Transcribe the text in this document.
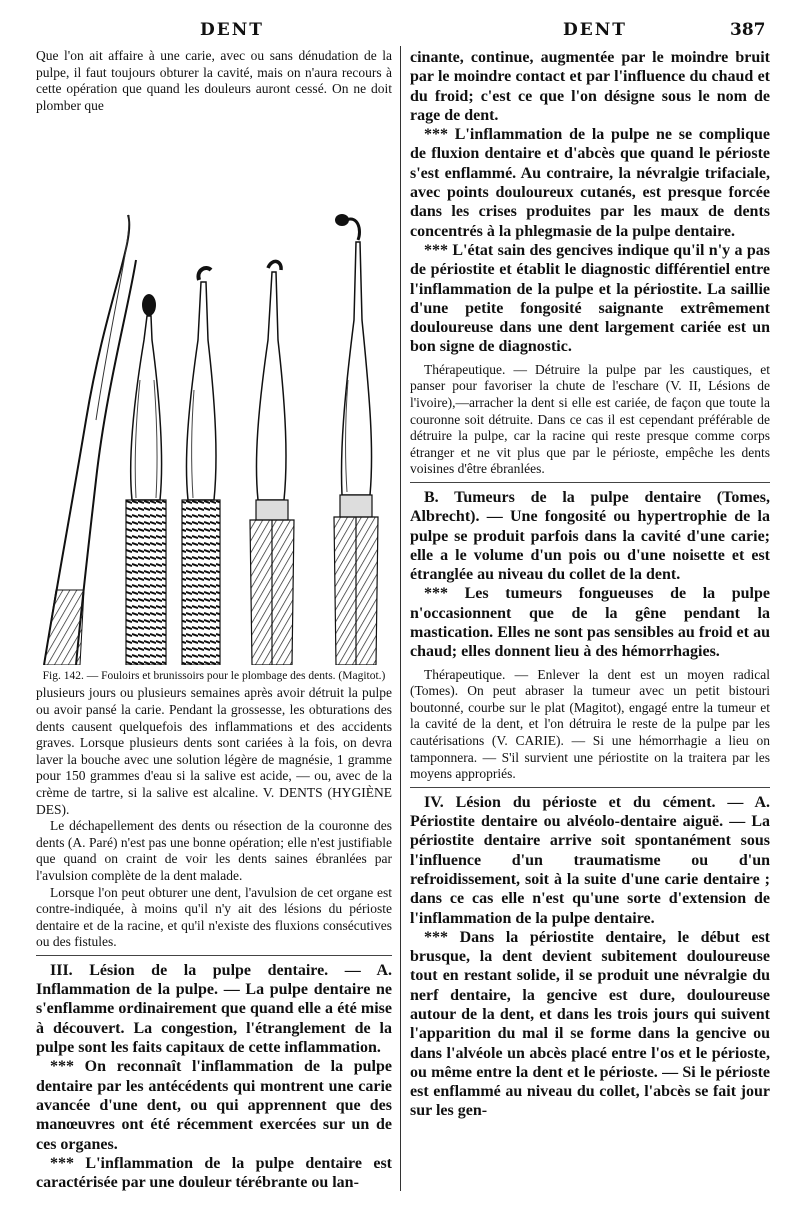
DENT	DENT	387

Que l'on ait affaire à une carie, avec ou sans dénudation de la pulpe, il faut toujours obturer la cavité, mais on n'aura recours à cette opération que quand les douleurs auront cessé. On ne doit plomber que

Fig. 142. — Fouloirs et brunissoirs pour le plombage des dents. (Magitot.)

plusieurs jours ou plusieurs semaines après avoir détruit la pulpe ou avoir pansé la carie. Pendant la grossesse, les obturations des dents causent quelquefois des inflammations et des accidents graves. Lorsque plusieurs dents sont cariées à la fois, on devra laver la bouche avec une solution légère de magnésie, 1 gramme pour 150 grammes d'eau si la salive est acide, — ou, avec de la crème de tartre, si la salive est alcaline. V. DENTS (HYGIÈNE DES).

Le déchapellement des dents ou résection de la couronne des dents (A. Paré) n'est pas une bonne opération; elle n'est justifiable que quand on craint de voir les dents saines ébranlées par l'avulsion complète de la dent malade.

Lorsque l'on peut obturer une dent, l'avulsion de cet organe est contre-indiquée, à moins qu'il n'y ait des lésions du périoste dentaire et de la racine, et qu'il n'existe des fluxions consécutives ou des fistules.

III. Lésion de la pulpe dentaire. — A. Inflammation de la pulpe. — La pulpe dentaire ne s'enflamme ordinairement que quand elle a été mise à découvert. La congestion, l'étranglement de la pulpe sont les faits capitaux de cette inflammation.

*** On reconnaît l'inflammation de la pulpe dentaire par les antécédents qui montrent une carie avancée d'une dent, ou qui apprennent que des manœuvres ont été récemment exercées sur un de ces organes.

*** L'inflammation de la pulpe dentaire est caractérisée par une douleur térébrante ou lan-

cinante, continue, augmentée par le moindre bruit par le moindre contact et par l'influence du chaud et du froid; c'est ce que l'on désigne sous le nom de rage de dent.

*** L'inflammation de la pulpe ne se complique de fluxion dentaire et d'abcès que quand le périoste s'est enflammé. Au contraire, la névralgie trifaciale, avec points douloureux cutanés, est presque forcée dans les crises produites par les maux de dents concentrés à la phlegmasie de la pulpe dentaire.

*** L'état sain des gencives indique qu'il n'y a pas de périostite et établit le diagnostic différentiel entre l'inflammation de la pulpe et la périostite. La saillie d'une petite fongosité saignante extrêmement douloureuse dans une dent largement cariée est un bon signe de diagnostic.

Thérapeutique. — Détruire la pulpe par les caustiques, et panser pour favoriser la chute de l'eschare (V. II, Lésions de l'ivoire),—arracher la dent si elle est cariée, de façon que toute la couronne soit détruite. Dans ce cas il est cependant préférable de détruire la pulpe, car la racine qui reste presque comme corps étranger et ne vit plus que par le périoste, empêche les dents voisines d'être ébranlées.

B. Tumeurs de la pulpe dentaire (Tomes, Albrecht). — Une fongosité ou hypertrophie de la pulpe se produit parfois dans la cavité d'une carie; elle a le volume d'un pois ou d'une noisette et est étranglée au niveau du collet de la dent.

*** Les tumeurs fongueuses de la pulpe n'occasionnent que de la gêne pendant la mastication. Elles ne sont pas sensibles au froid et au chaud; elles donnent lieu à des hémorrhagies.

Thérapeutique. — Enlever la dent est un moyen radical (Tomes). On peut abraser la tumeur avec un petit bistouri boutonné, courbe sur le plat (Magitot), engagé entre la tumeur et la cavité de la dent, et l'on détruira le reste de la pulpe par les cautérisations (V. CARIE). — Si une hémorrhagie a lieu on tamponnera. — S'il survient une périostite on la traitera par les moyens appropriés.

IV. Lésion du périoste et du cément. — A. Périostite dentaire ou alvéolo-dentaire aiguë. — La périostite dentaire arrive soit spontanément sous l'influence d'un traumatisme ou d'un refroidissement, soit à la suite d'une carie dentaire ; dans ce cas elle n'est qu'une sorte d'extension de l'inflammation de la pulpe dentaire.

*** Dans la périostite dentaire, le début est brusque, la dent devient subitement douloureuse tout en restant solide, il se produit une névralgie du nerf dentaire, la gencive est dure, douloureuse autour de la dent, et dans les trois jours qui suivent l'apparition du mal il se forme dans la gencive ou dans l'alvéole un abcès placé entre l'os et le périoste, ou même entre la dent et le périoste. — Si le périoste est enflammé au niveau du collet, l'abcès se fait jour sur les gen-
